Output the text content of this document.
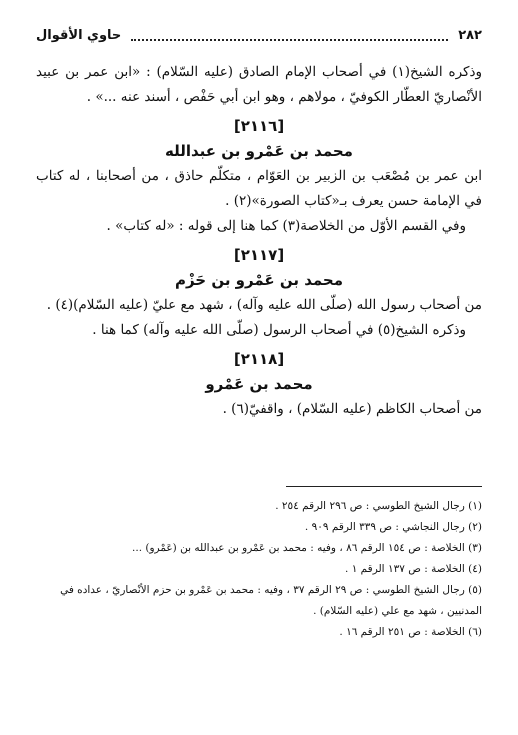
٢٨٢
حاوي الأقوال

وذكره الشيخ(١) في أصحاب الإمام الصادق (عليه السّلام) : «ابن عمر بن عبيد الأنْصاريّ العطّار الكوفيّ ، مولاهم ، وهو ابن أبي حَفْص ، أسند عنه ...» .

[٢١١٦]

محمد بن عَمْرو بن عبدالله

ابن عمر بن مُصْعَب بن الزبير بن العَوّام ، متكلّم حاذق ، من أصحابنا ، له كتاب في الإمامة حسن يعرف بـ«كتاب الصورة»(٢) .

وفي القسم الأوّل من الخلاصة(٣) كما هنا إلى قوله : «له كتاب» .

[٢١١٧]

محمد بن عَمْرو بن حَزْم

من أصحاب رسول الله (صلّى الله عليه وآله) ، شهد مع عليّ (عليه السّلام)(٤) .

وذكره الشيخ(٥) في أصحاب الرسول (صلّى الله عليه وآله) كما هنا .

[٢١١٨]

محمد بن عَمْرو

من أصحاب الكاظم (عليه السّلام) ، واقفيّ(٦) .

(١) رجال الشيخ الطوسي : ص ٢٩٦ الرقم ٢٥٤ .

(٢) رجال النجاشي : ص ٣٣٩ الرقم ٩٠٩ .

(٣) الخلاصة : ص ١٥٤ الرقم ٨٦ ، وفيه : محمد بن عَمْرو بن عبدالله بن (عَمْرو) ...

(٤) الخلاصة : ص ١٣٧ الرقم ١ .

(٥) رجال الشيخ الطوسي : ص ٢٩ الرقم ٣٧ ، وفيه : محمد بن عَمْرو بن حزم الأنْصاريّ ، عداده في المدنيين ، شهد مع علي (عليه السّلام) .

(٦) الخلاصة : ص ٢٥١ الرقم ١٦ .
